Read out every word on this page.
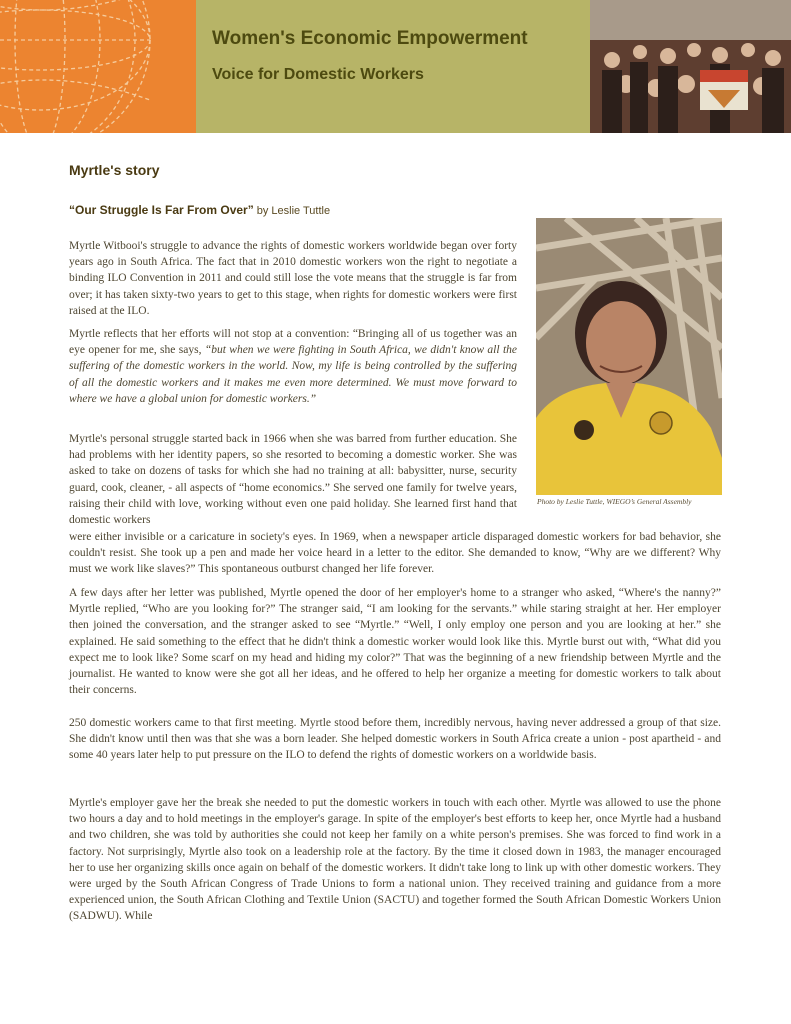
Women's Economic Empowerment
Voice for Domestic Workers
Myrtle's story

“Our Struggle Is Far From Over” by Leslie Tuttle

Photo by Leslie Tuttle, WIEGO’s General Assembly

Myrtle Witbooi's struggle to advance the rights of domestic workers worldwide began over forty years ago in South Africa. The fact that in 2010 domestic workers won the right to negotiate a binding ILO Convention in 2011 and could still lose the vote means that the struggle is far from over; it has taken sixty-two years to get to this stage, when rights for domestic workers were first raised at the ILO.

Myrtle reflects that her efforts will not stop at a convention: “Bringing all of us together was an eye opener for me, she says, “but when we were fighting in South Africa, we didn't know all the suffering of the domestic workers in the world. Now, my life is being controlled by the suffering of all the domestic workers and it makes me even more determined. We must move forward to where we have a global union for domestic workers.”

Myrtle's personal struggle started back in 1966 when she was barred from further education. She had problems with her identity papers, so she resorted to becoming a domestic worker. She was asked to take on dozens of tasks for which she had no training at all: babysitter, nurse, security guard, cook, cleaner, - all aspects of “home economics.” She served one family for twelve years, raising their child with love, working without even one paid holiday. She learned first hand that domestic workers

were either invisible or a caricature in society's eyes. In 1969, when a newspaper article disparaged domestic workers for bad behavior, she couldn't resist. She took up a pen and made her voice heard in a letter to the editor. She demanded to know, “Why are we different? Why must we work like slaves?” This spontaneous outburst changed her life forever.

A few days after her letter was published, Myrtle opened the door of her employer's home to a stranger who asked, “Where's the nanny?” Myrtle replied, “Who are you looking for?” The stranger said, “I am looking for the servants.” while staring straight at her. Her employer then joined the conversation, and the stranger asked to see “Myrtle.” “Well, I only employ one person and you are looking at her.” she explained. He said something to the effect that he didn't think a domestic worker would look like this. Myrtle burst out with, “What did you expect me to look like? Some scarf on my head and hiding my color?” That was the beginning of a new friendship between Myrtle and the journalist. He wanted to know were she got all her ideas, and he offered to help her organize a meeting for domestic workers to talk about their concerns.

250 domestic workers came to that first meeting. Myrtle stood before them, incredibly nervous, having never addressed a group of that size. She didn't know until then was that she was a born leader. She helped domestic workers in South Africa create a union - post apartheid - and some 40 years later help to put pressure on the ILO to defend the rights of domestic workers on a worldwide basis.

Myrtle's employer gave her the break she needed to put the domestic workers in touch with each other. Myrtle was allowed to use the phone two hours a day and to hold meetings in the employer's garage. In spite of the employer's best efforts to keep her, once Myrtle had a husband and two children, she was told by authorities she could not keep her family on a white person's premises. She was forced to find work in a factory. Not surprisingly, Myrtle also took on a leadership role at the factory. By the time it closed down in 1983, the manager encouraged her to use her organizing skills once again on behalf of the domestic workers. It didn't take long to link up with other domestic workers. They were urged by the South African Congress of Trade Unions to form a national union. They received training and guidance from a more experienced union, the South African Clothing and Textile Union (SACTU) and together formed the South African Domestic Workers Union (SADWU). While
